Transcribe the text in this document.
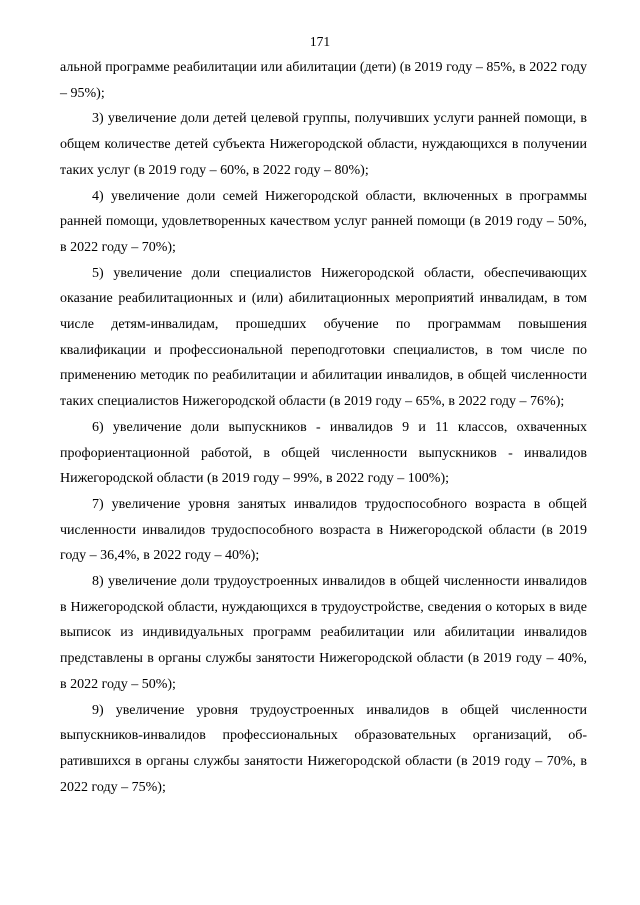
171

альной программе реабилитации или абилитации (дети) (в 2019 году – 85%, в 2022 году – 95%);

3) увеличение доли детей целевой группы, получивших услуги ранней помощи, в общем количестве детей субъекта Нижегородской области, нуждающихся в получении таких услуг (в 2019 году – 60%, в 2022 году – 80%);

4) увеличение доли семей Нижегородской области, включенных в программы ранней помощи, удовлетворенных качеством услуг ранней помощи (в 2019 году – 50%, в 2022 году – 70%);

5) увеличение доли специалистов Нижегородской области, обеспечивающих оказание реабилитационных и (или) абилитационных мероприятий инвалидам, в том числе детям-инвалидам, прошедших обучение по программам повышения квалификации и профессиональной переподготовки специалистов, в том числе по применению методик по реабилитации и абилитации инвалидов, в общей численности таких специалистов Нижегородской области (в 2019 году – 65%, в 2022 году – 76%);

6) увеличение доли выпускников - инвалидов 9 и 11 классов, охваченных профориентационной работой, в общей численности выпускников - инвалидов Нижегородской области (в 2019 году – 99%, в 2022 году – 100%);

7) увеличение уровня занятых инвалидов трудоспособного возраста в общей численности инвалидов трудоспособного возраста в Нижегородской области (в 2019 году – 36,4%, в 2022 году – 40%);

8) увеличение доли трудоустроенных инвалидов в общей численности инвалидов в Нижегородской области, нуждающихся в трудоустройстве, сведения о которых в виде выписок из индивидуальных программ реабилитации или абилитации инвалидов представлены в органы службы занятости Нижегородской области (в 2019 году – 40%, в 2022 году – 50%);

9) увеличение уровня трудоустроенных инвалидов в общей численности выпускников-инвалидов профессиональных образовательных организаций, обратившихся в органы службы занятости Нижегородской области (в 2019 году – 70%, в 2022 году – 75%);
